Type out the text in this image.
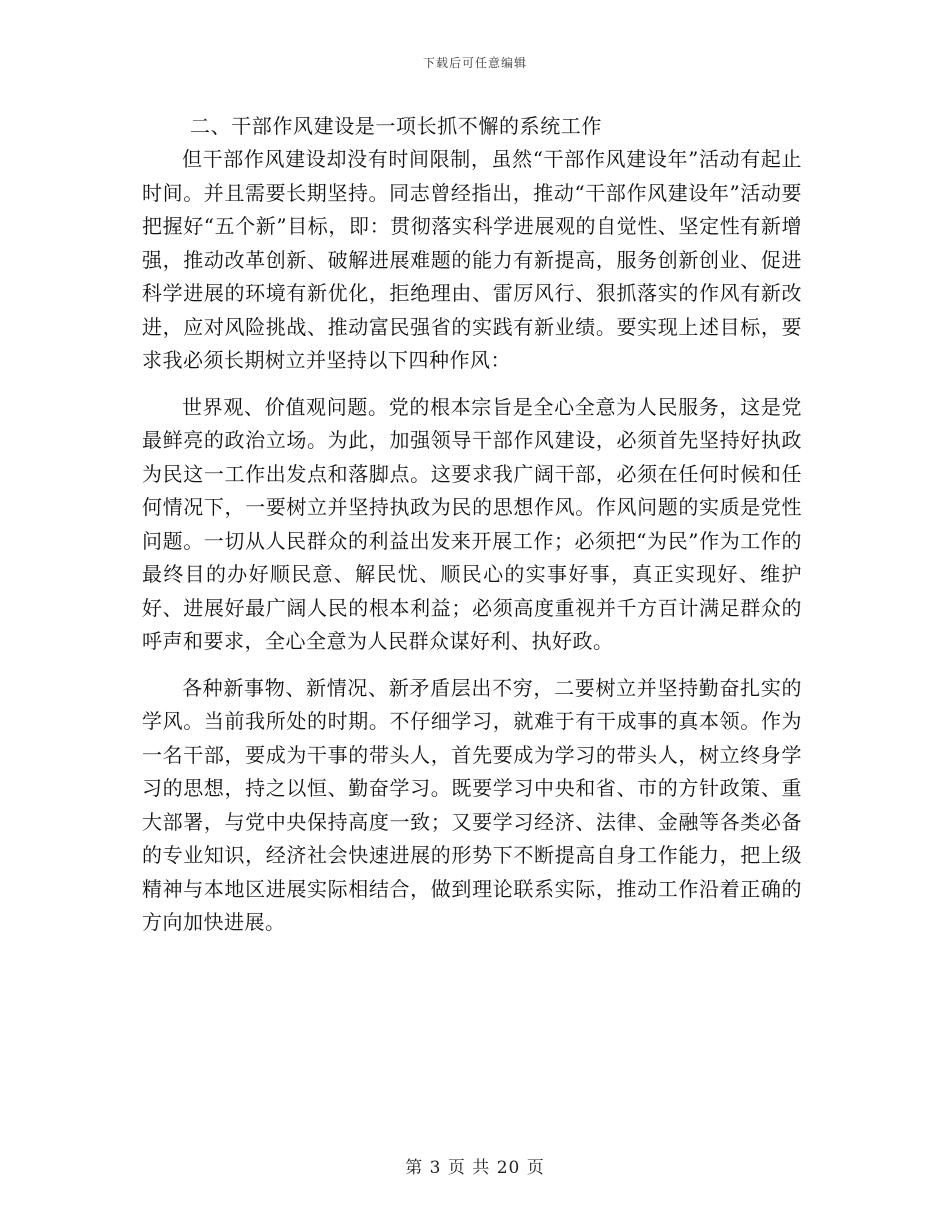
下载后可任意编辑

二、干部作风建设是一项长抓不懈的系统工作

但干部作风建设却没有时间限制，虽然“干部作风建设年”活动有起止时间。并且需要长期坚持。同志曾经指出，推动“干部作风建设年”活动要把握好“五个新”目标，即：贯彻落实科学进展观的自觉性、坚定性有新增强，推动改革创新、破解进展难题的能力有新提高，服务创新创业、促进科学进展的环境有新优化，拒绝理由、雷厉风行、狠抓落实的作风有新改进，应对风险挑战、推动富民强省的实践有新业绩。要实现上述目标，要求我必须长期树立并坚持以下四种作风：

世界观、价值观问题。党的根本宗旨是全心全意为人民服务，这是党最鲜亮的政治立场。为此，加强领导干部作风建设，必须首先坚持好执政为民这一工作出发点和落脚点。这要求我广阔干部，必须在任何时候和任何情况下，一要树立并坚持执政为民的思想作风。作风问题的实质是党性问题。一切从人民群众的利益出发来开展工作；必须把“为民”作为工作的最终目的办好顺民意、解民忧、顺民心的实事好事，真正实现好、维护好、进展好最广阔人民的根本利益；必须高度重视并千方百计满足群众的呼声和要求，全心全意为人民群众谋好利、执好政。

各种新事物、新情况、新矛盾层出不穷，二要树立并坚持勤奋扎实的学风。当前我所处的时期。不仔细学习，就难于有干成事的真本领。作为一名干部，要成为干事的带头人，首先要成为学习的带头人，树立终身学习的思想，持之以恒、勤奋学习。既要学习中央和省、市的方针政策、重大部署，与党中央保持高度一致；又要学习经济、法律、金融等各类必备的专业知识，经济社会快速进展的形势下不断提高自身工作能力，把上级精神与本地区进展实际相结合，做到理论联系实际，推动工作沿着正确的方向加快进展。

第 3 页 共 20 页
